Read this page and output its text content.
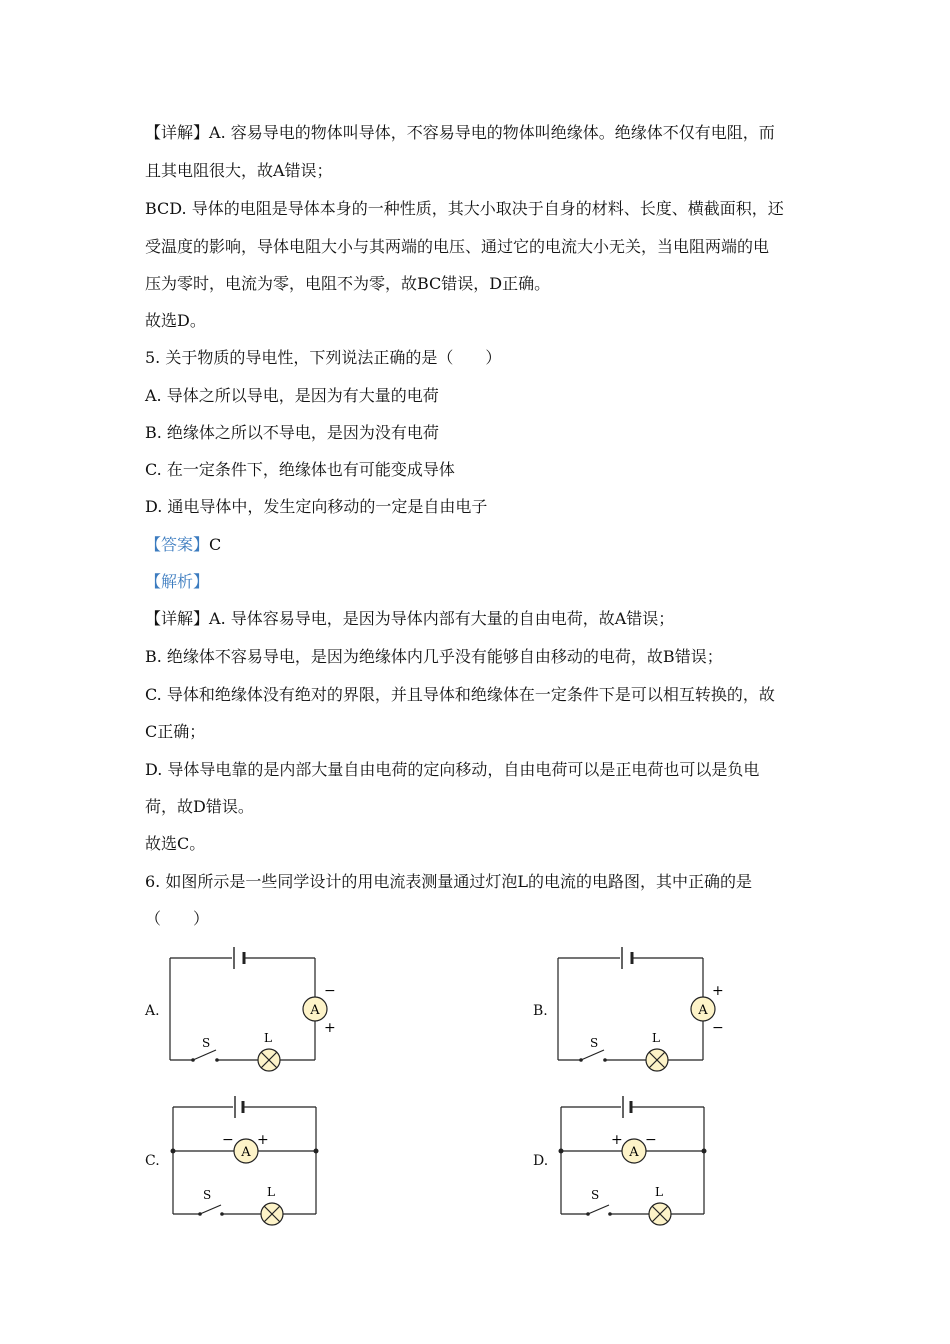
【详解】A. 容易导电的物体叫导体，不容易导电的物体叫绝缘体。绝缘体不仅有电阻，而
且其电阻很大，故A错误；
BCD. 导体的电阻是导体本身的一种性质，其大小取决于自身的材料、长度、横截面积，还
受温度的影响，导体电阻大小与其两端的电压、通过它的电流大小无关，当电阻两端的电
压为零时，电流为零，电阻不为零，故BC错误，D正确。
故选D。
5. 关于物质的导电性，下列说法正确的是（　　）
A. 导体之所以导电，是因为有大量的电荷
B. 绝缘体之所以不导电，是因为没有电荷
C. 在一定条件下，绝缘体也有可能变成导体
D. 通电导体中，发生定向移动的一定是自由电子
【答案】C
【解析】
【详解】A. 导体容易导电，是因为导体内部有大量的自由电荷，故A错误；
B. 绝缘体不容易导电，是因为绝缘体内几乎没有能够自由移动的电荷，故B错误；
C. 导体和绝缘体没有绝对的界限，并且导体和绝缘体在一定条件下是可以相互转换的，故
C正确；
D. 导体导电靠的是内部大量自由电荷的定向移动，自由电荷可以是正电荷也可以是负电
荷，故D错误。
故选C。
6. 如图所示是一些同学设计的用电流表测量通过灯泡L的电流的电路图，其中正确的是
（　　）
A.	B.
C.	D.
A
−
+
S	L
A
+
−
S	L
A
− +
S	L
A
+ −
S	L
